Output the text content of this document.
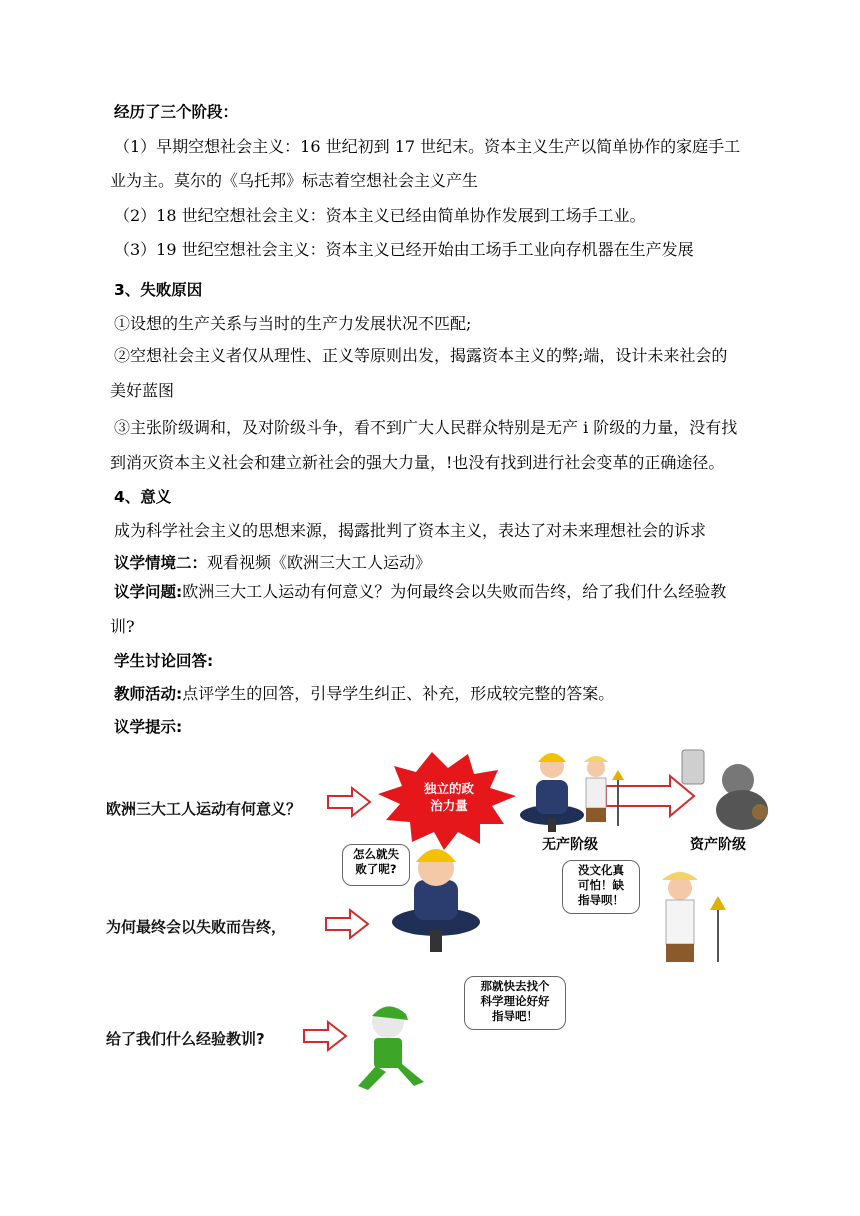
经历了三个阶段：
（1）早期空想社会主义：16 世纪初到 17 世纪末。资本主义生产以简单协作的家庭手工
业为主。莫尔的《乌托邦》标志着空想社会主义产生
（2）18 世纪空想社会主义：资本主义已经由简单协作发展到工场手工业。
（3）19 世纪空想社会主义：资本主义已经开始由工场手工业向存机器在生产发展
3、失败原因
①设想的生产关系与当时的生产力发展状况不匹配;
②空想社会主义者仅从理性、正义等原则出发，揭露资本主义的弊;端，设计未来社会的
美好蓝图
③主张阶级调和，及对阶级斗争，看不到广大人民群众特别是无产 i 阶级的力量，没有找
到消灭资本主义社会和建立新社会的强大力量，!也没有找到进行社会变革的正确途径。
4、意义
成为科学社会主义的思想来源，揭露批判了资本主义，表达了对未来理想社会的诉求
议学情境二：观看视频《欧洲三大工人运动》
议学问题:欧洲三大工人运动有何意义？为何最终会以失败而告终，给了我们什么经验教
训?
学生讨论回答:
教师活动:点评学生的回答，引导学生纠正、补充，形成较完整的答案。
议学提示:
欧洲三大工人运动有何意义？
为何最终会以失败而告终，
给了我们什么经验教训?
独立的政
治力量
无产阶级	资产阶级
怎么就失
败了呢?	没文化真
可怕！缺
指导呗！
那就快去找个
科学理论好好
指导吧！
